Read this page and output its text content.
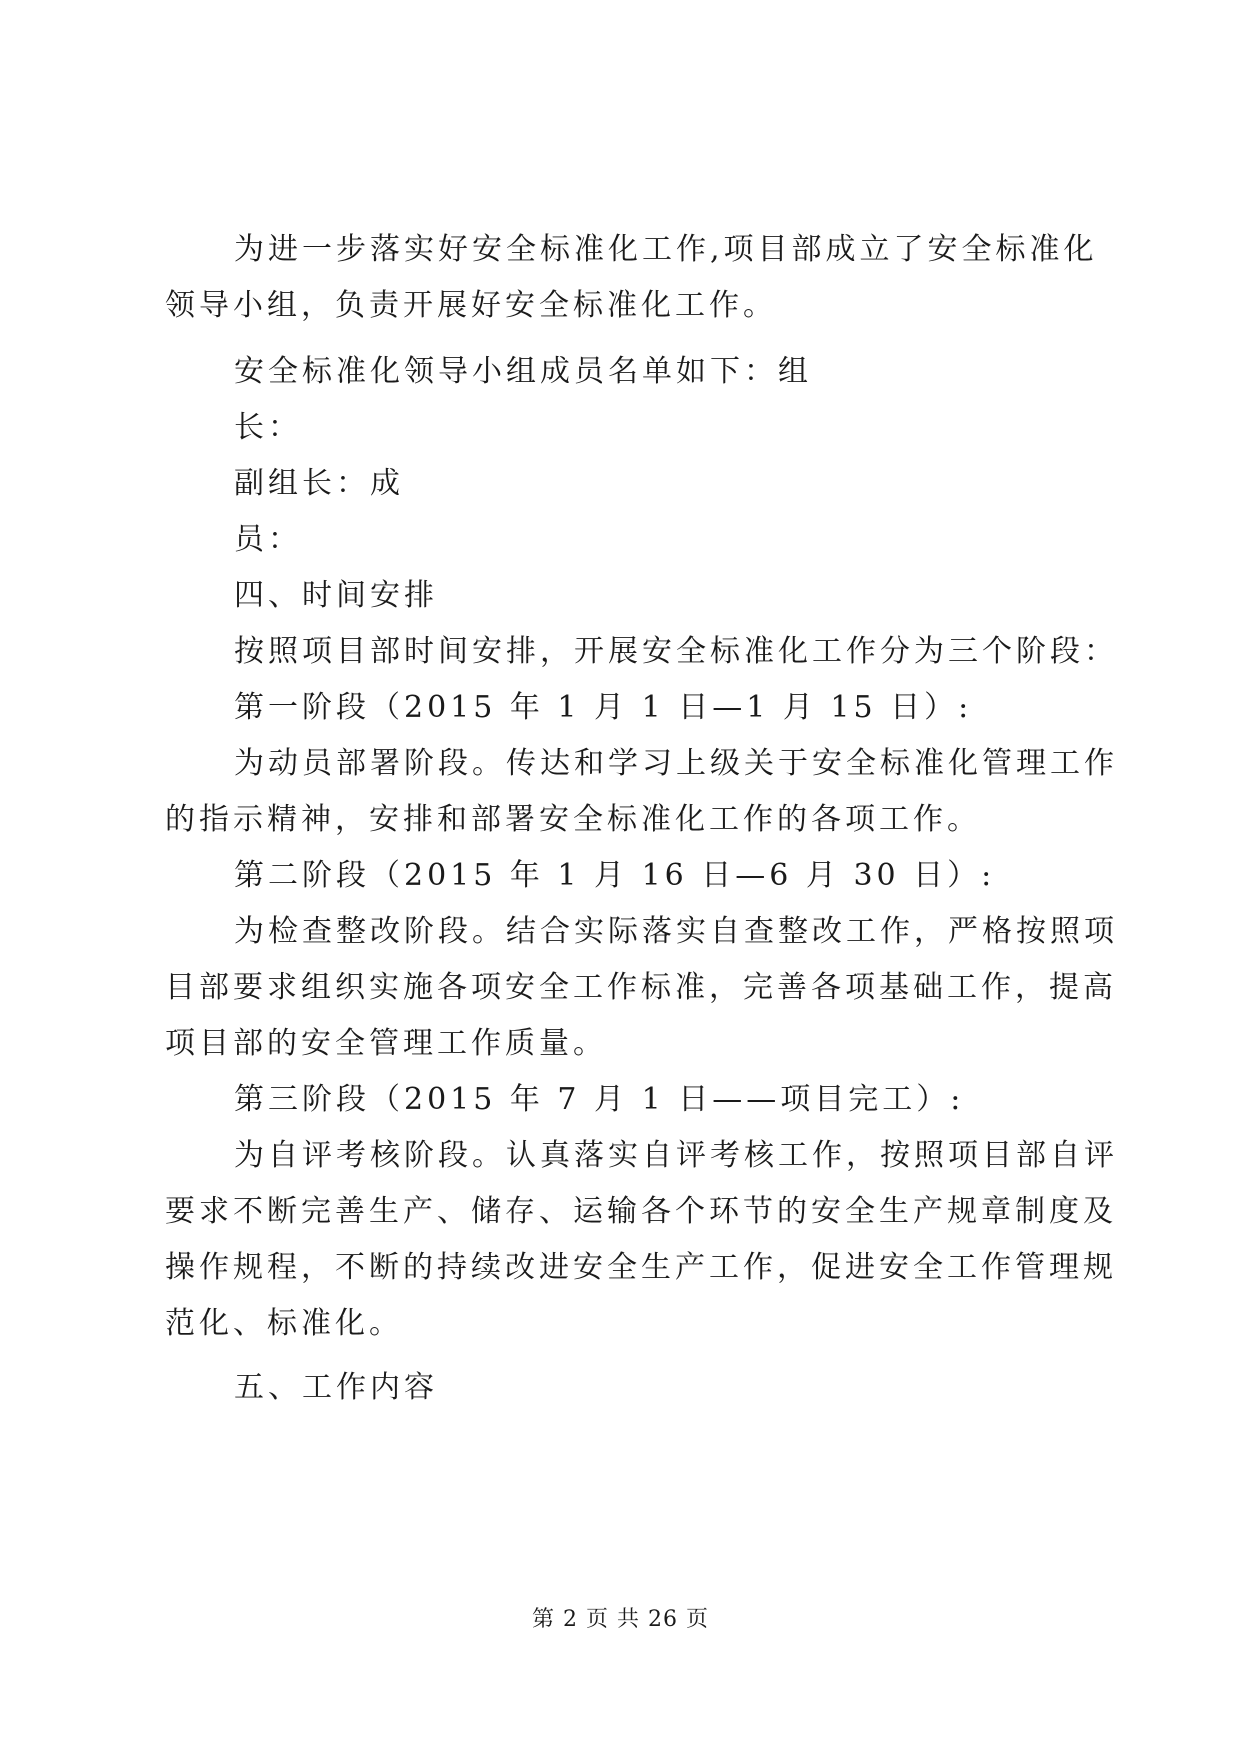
为进一步落实好安全标准化工作,项目部成立了安全标准化
领导小组，负责开展好安全标准化工作。
安全标准化领导小组成员名单如下：组
长：
副组长：成
员：
四、时间安排
按照项目部时间安排，开展安全标准化工作分为三个阶段：
第一阶段（2015 年 1 月 1 日—1 月 15 日）:
为动员部署阶段。传达和学习上级关于安全标准化管理工作
的指示精神，安排和部署安全标准化工作的各项工作。
第二阶段（2015 年 1 月 16 日—6 月 30 日）:
为检查整改阶段。结合实际落实自查整改工作，严格按照项
目部要求组织实施各项安全工作标准，完善各项基础工作，提高
项目部的安全管理工作质量。
第三阶段（2015 年 7 月 1 日——项目完工）:
为自评考核阶段。认真落实自评考核工作，按照项目部自评
要求不断完善生产、储存、运输各个环节的安全生产规章制度及
操作规程，不断的持续改进安全生产工作，促进安全工作管理规
范化、标准化。
五、工作内容
第 2 页 共 26 页
